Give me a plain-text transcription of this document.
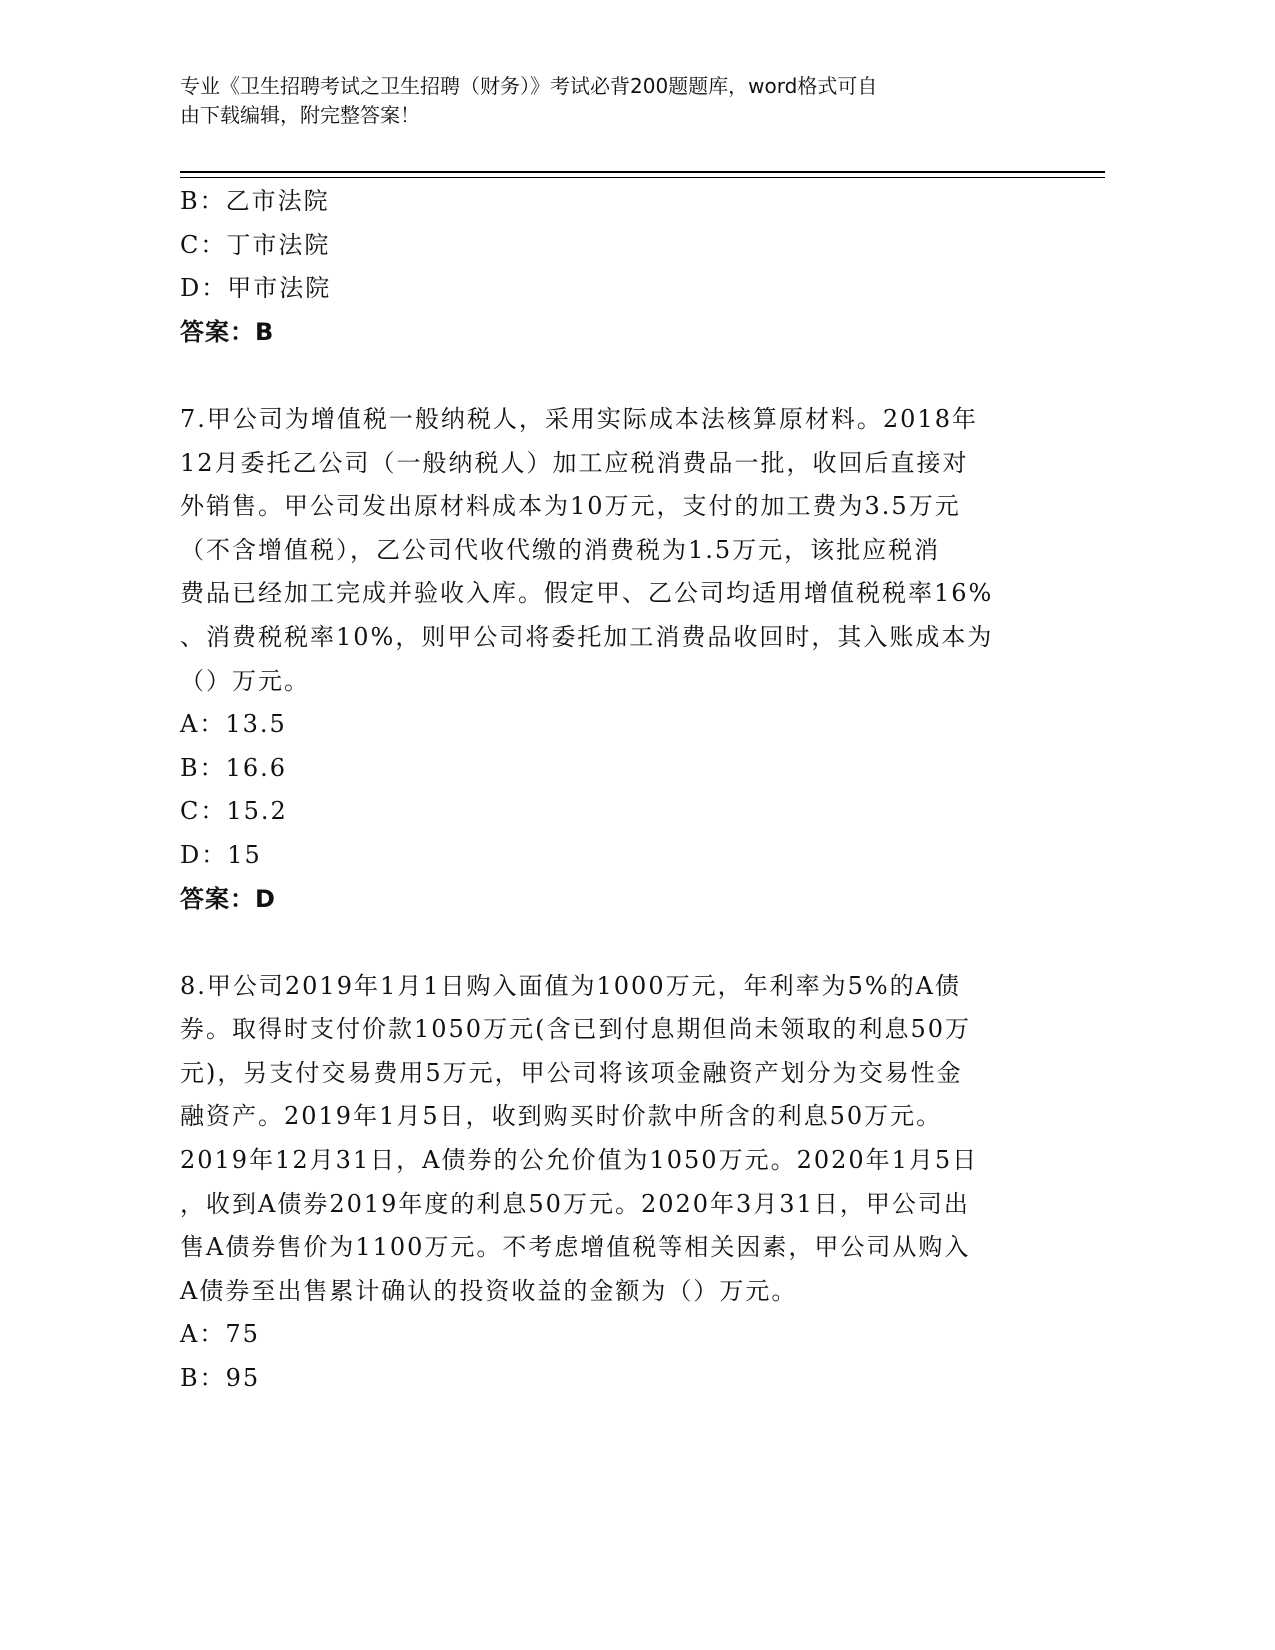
专业《卫生招聘考试之卫生招聘（财务）》考试必背200题题库，word格式可自
由下载编辑，附完整答案！
B：乙市法院
C：丁市法院
D：甲市法院
答案：B
7.甲公司为增值税一般纳税人，采用实际成本法核算原材料。2018年
12月委托乙公司（一般纳税人）加工应税消费品一批，收回后直接对
外销售。甲公司发出原材料成本为10万元，支付的加工费为3.5万元
（不含增值税），乙公司代收代缴的消费税为1.5万元，该批应税消
费品已经加工完成并验收入库。假定甲、乙公司均适用增值税税率16%
、消费税税率10%，则甲公司将委托加工消费品收回时，其入账成本为
（）万元。
A：13.5
B：16.6
C：15.2
D：15
答案：D
8.甲公司2019年1月1日购入面值为1000万元，年利率为5%的A债
券。取得时支付价款1050万元(含已到付息期但尚未领取的利息50万
元)，另支付交易费用5万元，甲公司将该项金融资产划分为交易性金
融资产。2019年1月5日，收到购买时价款中所含的利息50万元。
2019年12月31日，A债券的公允价值为1050万元。2020年1月5日
，收到A债券2019年度的利息50万元。2020年3月31日，甲公司出
售A债券售价为1100万元。不考虑增值税等相关因素，甲公司从购入
A债券至出售累计确认的投资收益的金额为（）万元。
A：75
B：95
